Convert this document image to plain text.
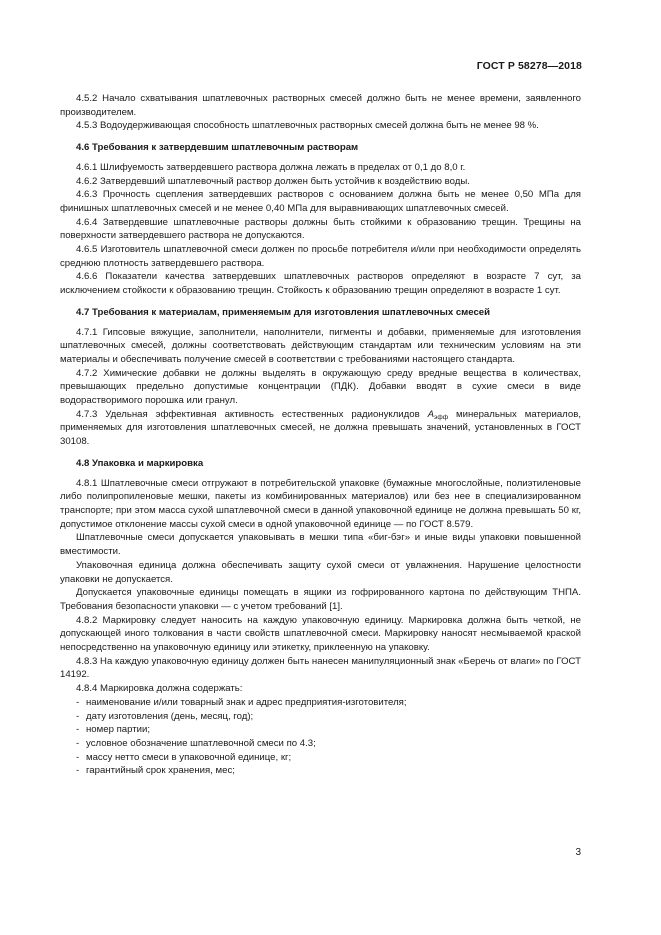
ГОСТ Р 58278—2018

4.5.2 Начало схватывания шпатлевочных растворных смесей должно быть не менее времени, заявленного производителем.

4.5.3 Водоудерживающая способность шпатлевочных растворных смесей должна быть не менее 98 %.

4.6 Требования к затвердевшим шпатлевочным растворам

4.6.1 Шлифуемость затвердевшего раствора должна лежать в пределах от 0,1 до 8,0 г.

4.6.2 Затвердевший шпатлевочный раствор должен быть устойчив к воздействию воды.

4.6.3 Прочность сцепления затвердевших растворов с основанием должна быть не менее 0,50 МПа для финишных шпатлевочных смесей и не менее 0,40 МПа для выравнивающих шпатлевочных смесей.

4.6.4 Затвердевшие шпатлевочные растворы должны быть стойкими к образованию трещин. Трещины на поверхности затвердевшего раствора не допускаются.

4.6.5 Изготовитель шпатлевочной смеси должен по просьбе потребителя и/или при необходимости определять среднюю плотность затвердевшего раствора.

4.6.6 Показатели качества затвердевших шпатлевочных растворов определяют в возрасте 7 сут, за исключением стойкости к образованию трещин. Стойкость к образованию трещин определяют в возрасте 1 сут.

4.7 Требования к материалам, применяемым для изготовления шпатлевочных смесей

4.7.1 Гипсовые вяжущие, заполнители, наполнители, пигменты и добавки, применяемые для изготовления шпатлевочных смесей, должны соответствовать действующим стандартам или техническим условиям на эти материалы и обеспечивать получение смесей в соответствии с требованиями настоящего стандарта.

4.7.2 Химические добавки не должны выделять в окружающую среду вредные вещества в количествах, превышающих предельно допустимые концентрации (ПДК). Добавки вводят в сухие смеси в виде водорастворимого порошка или гранул.

4.7.3 Удельная эффективная активность естественных радионуклидов $A_{эфф}$ минеральных материалов, применяемых для изготовления шпатлевочных смесей, не должна превышать значений, установленных в ГОСТ 30108.

4.8 Упаковка и маркировка

4.8.1 Шпатлевочные смеси отгружают в потребительской упаковке (бумажные многослойные, полиэтиленовые либо полипропиленовые мешки, пакеты из комбинированных материалов) или без нее в специализированном транспорте; при этом масса сухой шпатлевочной смеси в данной упаковочной единице не должна превышать 50 кг, допустимое отклонение массы сухой смеси в одной упаковочной единице — по ГОСТ 8.579.

Шпатлевочные смеси допускается упаковывать в мешки типа «биг-бэг» и иные виды упаковки повышенной вместимости.

Упаковочная единица должна обеспечивать защиту сухой смеси от увлажнения. Нарушение целостности упаковки не допускается.

Допускается упаковочные единицы помещать в ящики из гофрированного картона по действующим ТНПА. Требования безопасности упаковки — с учетом требований [1].

4.8.2 Маркировку следует наносить на каждую упаковочную единицу. Маркировка должна быть четкой, не допускающей иного толкования в части свойств шпатлевочной смеси. Маркировку наносят несмываемой краской непосредственно на упаковочную единицу или этикетку, приклеенную на упаковку.

4.8.3 На каждую упаковочную единицу должен быть нанесен манипуляционный знак «Беречь от влаги» по ГОСТ 14192.

4.8.4 Маркировка должна содержать:

- наименование и/или товарный знак и адрес предприятия-изготовителя;
- дату изготовления (день, месяц, год);
- номер партии;
- условное обозначение шпатлевочной смеси по 4.3;
- массу нетто смеси в упаковочной единице, кг;
- гарантийный срок хранения, мес;
3
